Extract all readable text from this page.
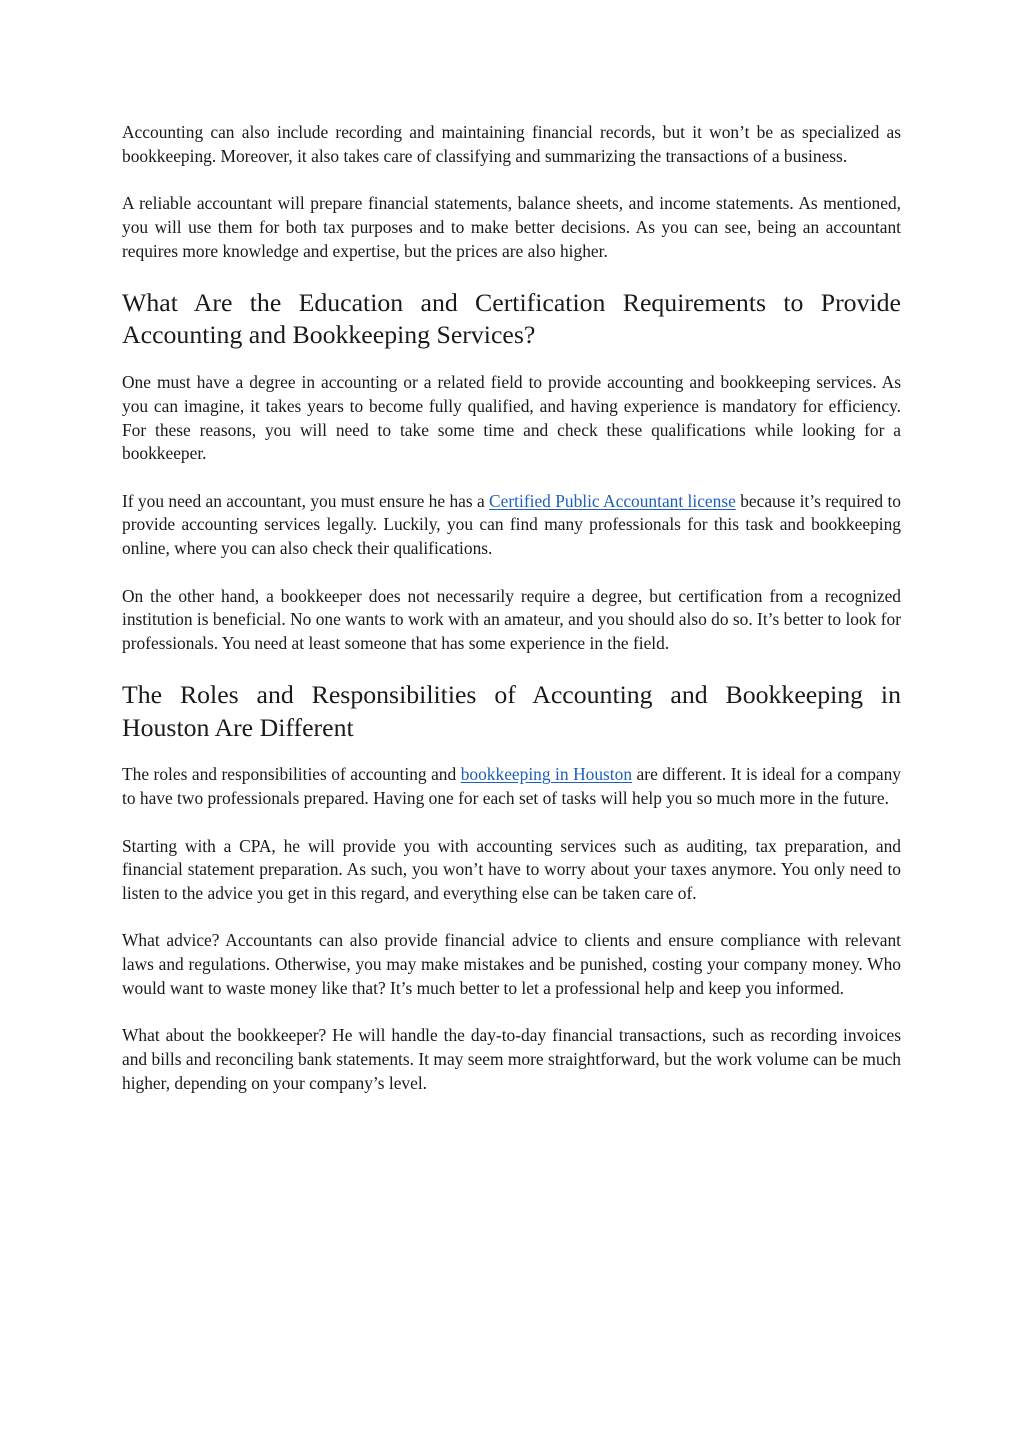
Accounting can also include recording and maintaining financial records, but it won’t be as specialized as bookkeeping. Moreover, it also takes care of classifying and summarizing the transactions of a business.

A reliable accountant will prepare financial statements, balance sheets, and income statements. As mentioned, you will use them for both tax purposes and to make better decisions. As you can see, being an accountant requires more knowledge and expertise, but the prices are also higher.

What Are the Education and Certification Requirements to Provide Accounting and Bookkeeping Services?

One must have a degree in accounting or a related field to provide accounting and bookkeeping services. As you can imagine, it takes years to become fully qualified, and having experience is mandatory for efficiency. For these reasons, you will need to take some time and check these qualifications while looking for a bookkeeper.

If you need an accountant, you must ensure he has a Certified Public Accountant license because it’s required to provide accounting services legally. Luckily, you can find many professionals for this task and bookkeeping online, where you can also check their qualifications.

On the other hand, a bookkeeper does not necessarily require a degree, but certification from a recognized institution is beneficial. No one wants to work with an amateur, and you should also do so. It’s better to look for professionals. You need at least someone that has some experience in the field.

The Roles and Responsibilities of Accounting and Bookkeeping in Houston Are Different

The roles and responsibilities of accounting and bookkeeping in Houston are different. It is ideal for a company to have two professionals prepared. Having one for each set of tasks will help you so much more in the future.

Starting with a CPA, he will provide you with accounting services such as auditing, tax preparation, and financial statement preparation. As such, you won’t have to worry about your taxes anymore. You only need to listen to the advice you get in this regard, and everything else can be taken care of.

What advice? Accountants can also provide financial advice to clients and ensure compliance with relevant laws and regulations. Otherwise, you may make mistakes and be punished, costing your company money. Who would want to waste money like that? It’s much better to let a professional help and keep you informed.

What about the bookkeeper? He will handle the day-to-day financial transactions, such as recording invoices and bills and reconciling bank statements. It may seem more straightforward, but the work volume can be much higher, depending on your company’s level.
